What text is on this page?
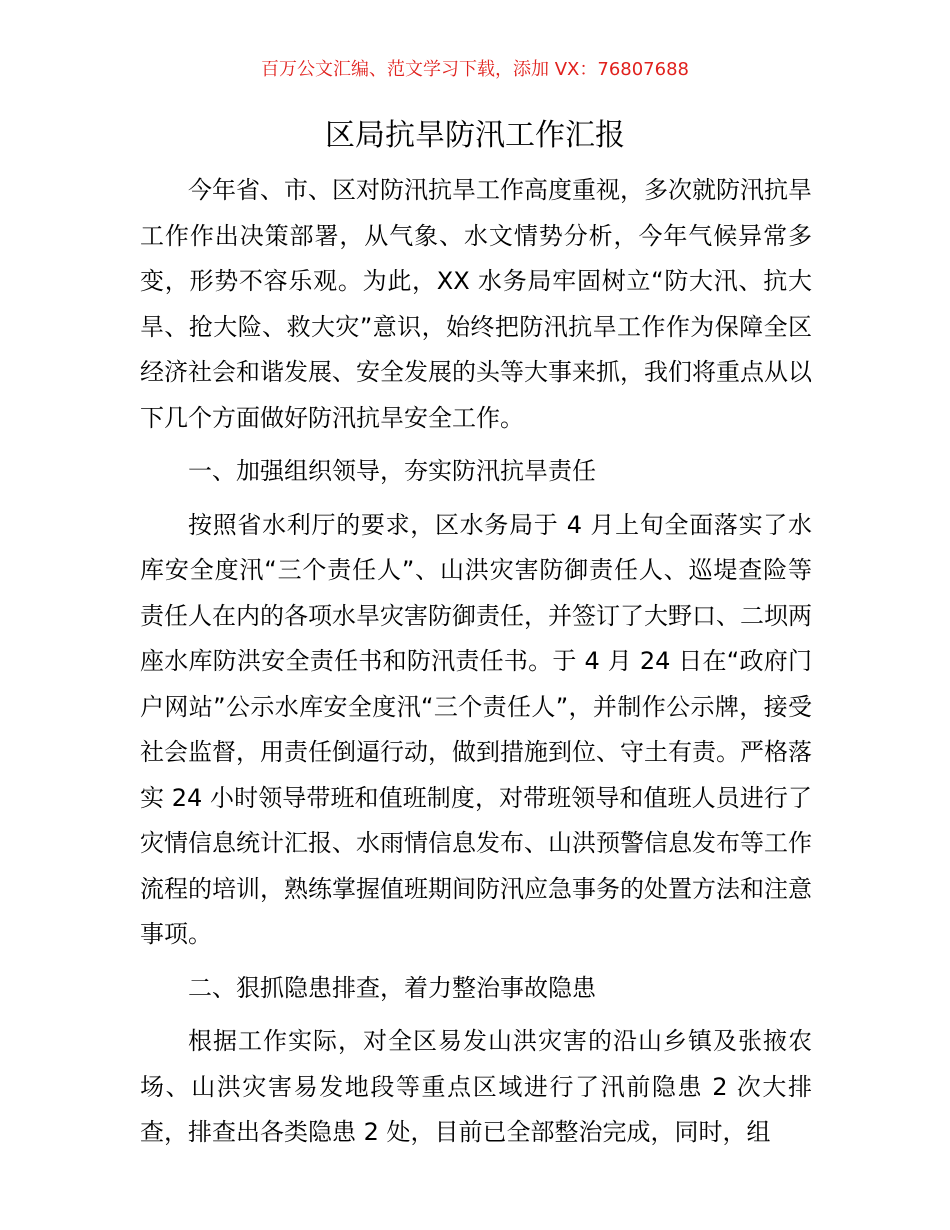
百万公文汇编、范文学习下载，添加 VX：76807688
区局抗旱防汛工作汇报

今年省、市、区对防汛抗旱工作高度重视，多次就防汛抗旱工作作出决策部署，从气象、水文情势分析，今年气候异常多变，形势不容乐观。为此，XX 水务局牢固树立“防大汛、抗大旱、抢大险、救大灾”意识，始终把防汛抗旱工作作为保障全区经济社会和谐发展、安全发展的头等大事来抓，我们将重点从以下几个方面做好防汛抗旱安全工作。

一、加强组织领导，夯实防汛抗旱责任

按照省水利厅的要求，区水务局于 4 月上旬全面落实了水库安全度汛“三个责任人”、山洪灾害防御责任人、巡堤查险等责任人在内的各项水旱灾害防御责任，并签订了大野口、二坝两座水库防洪安全责任书和防汛责任书。于 4 月 24 日在“政府门户网站”公示水库安全度汛“三个责任人”，并制作公示牌，接受社会监督，用责任倒逼行动，做到措施到位、守土有责。严格落实 24 小时领导带班和值班制度，对带班领导和值班人员进行了灾情信息统计汇报、水雨情信息发布、山洪预警信息发布等工作流程的培训，熟练掌握值班期间防汛应急事务的处置方法和注意事项。

二、狠抓隐患排查，着力整治事故隐患

根据工作实际，对全区易发山洪灾害的沿山乡镇及张掖农场、山洪灾害易发地段等重点区域进行了汛前隐患 2 次大排查，排查出各类隐患 2 处，目前已全部整治完成，同时，组
